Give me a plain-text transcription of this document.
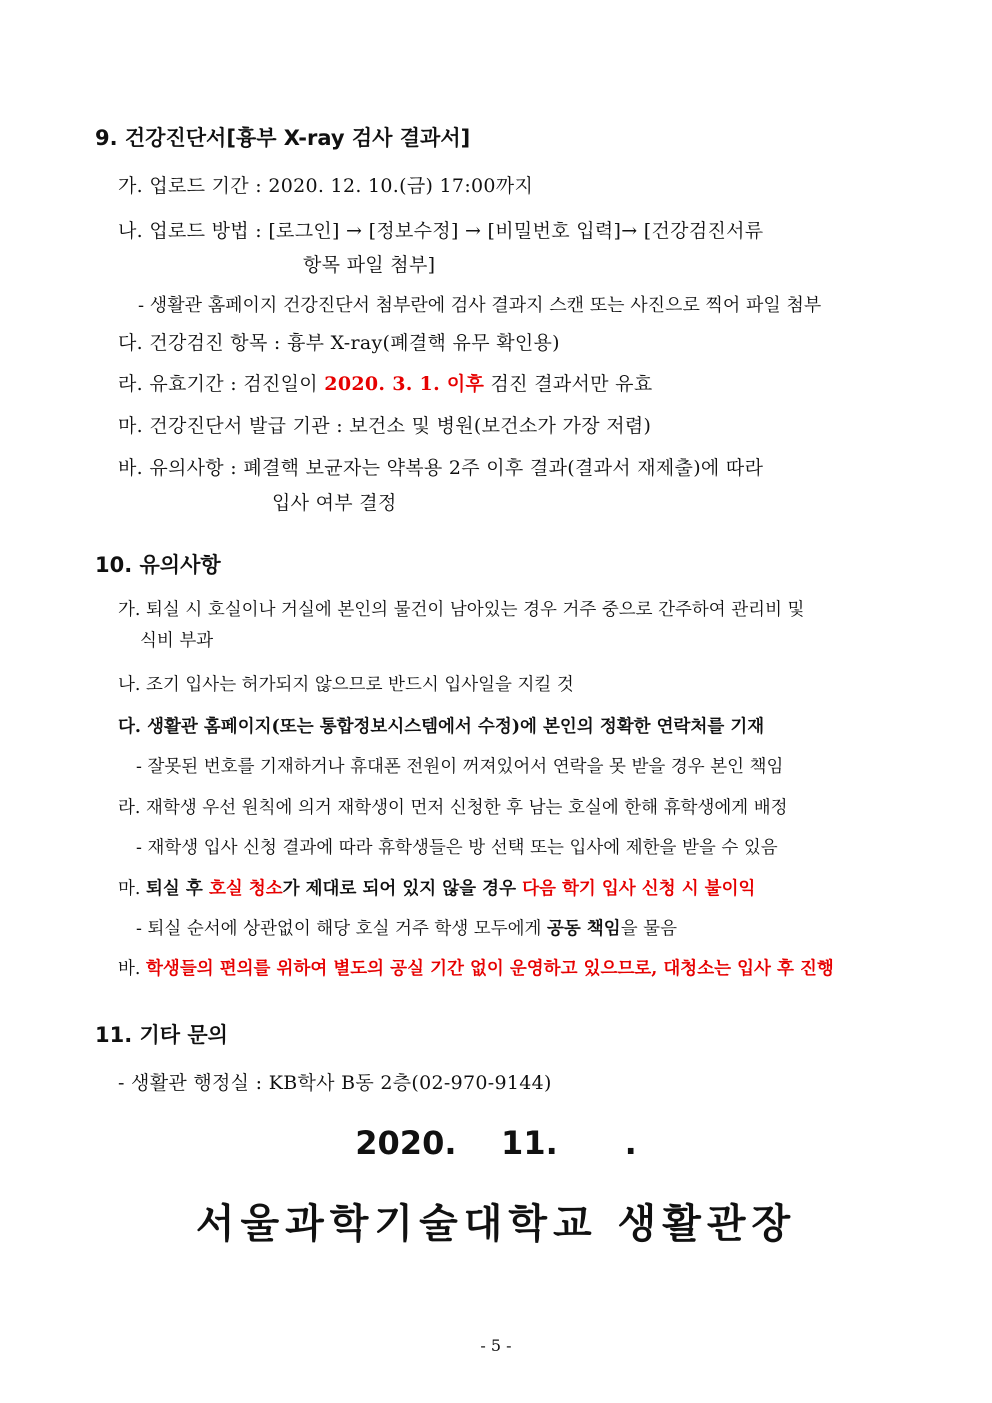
9. 건강진단서[흉부 X-ray 검사 결과서]
가. 업로드 기간 : 2020. 12. 10.(금) 17:00까지
나. 업로드 방법 : [로그인] → [정보수정] → [비밀번호 입력]→ [건강검진서류
항목 파일 첨부]
- 생활관 홈페이지 건강진단서 첨부란에 검사 결과지 스캔 또는 사진으로 찍어 파일 첨부
다. 건강검진 항목 : 흉부 X-ray(폐결핵 유무 확인용)
라. 유효기간 : 검진일이 2020. 3. 1. 이후 검진 결과서만 유효
마. 건강진단서 발급 기관 : 보건소 및 병원(보건소가 가장 저렴)
바. 유의사항 : 폐결핵 보균자는 약복용 2주 이후 결과(결과서 재제출)에 따라
입사 여부 결정
10. 유의사항
가. 퇴실 시 호실이나 거실에 본인의 물건이 남아있는 경우 거주 중으로 간주하여 관리비 및
식비 부과
나. 조기 입사는 허가되지 않으므로 반드시 입사일을 지킬 것
다. 생활관 홈페이지(또는 통합정보시스템에서 수정)에 본인의 정확한 연락처를 기재
- 잘못된 번호를 기재하거나 휴대폰 전원이 꺼져있어서 연락을 못 받을 경우 본인 책임
라. 재학생 우선 원칙에 의거 재학생이 먼저 신청한 후 남는 호실에 한해 휴학생에게 배정
- 재학생 입사 신청 결과에 따라 휴학생들은 방 선택 또는 입사에 제한을 받을 수 있음
마. 퇴실 후 호실 청소가 제대로 되어 있지 않을 경우 다음 학기 입사 신청 시 불이익
- 퇴실 순서에 상관없이 해당 호실 거주 학생 모두에게 공동 책임을 물음
바. 학생들의 편의를 위하여 별도의 공실 기간 없이 운영하고 있으므로, 대청소는 입사 후 진행
11. 기타 문의
- 생활관 행정실 : KB학사 B동 2층(02-970-9144)
2020.    11.      .
서울과학기술대학교 생활관장
- 5 -
